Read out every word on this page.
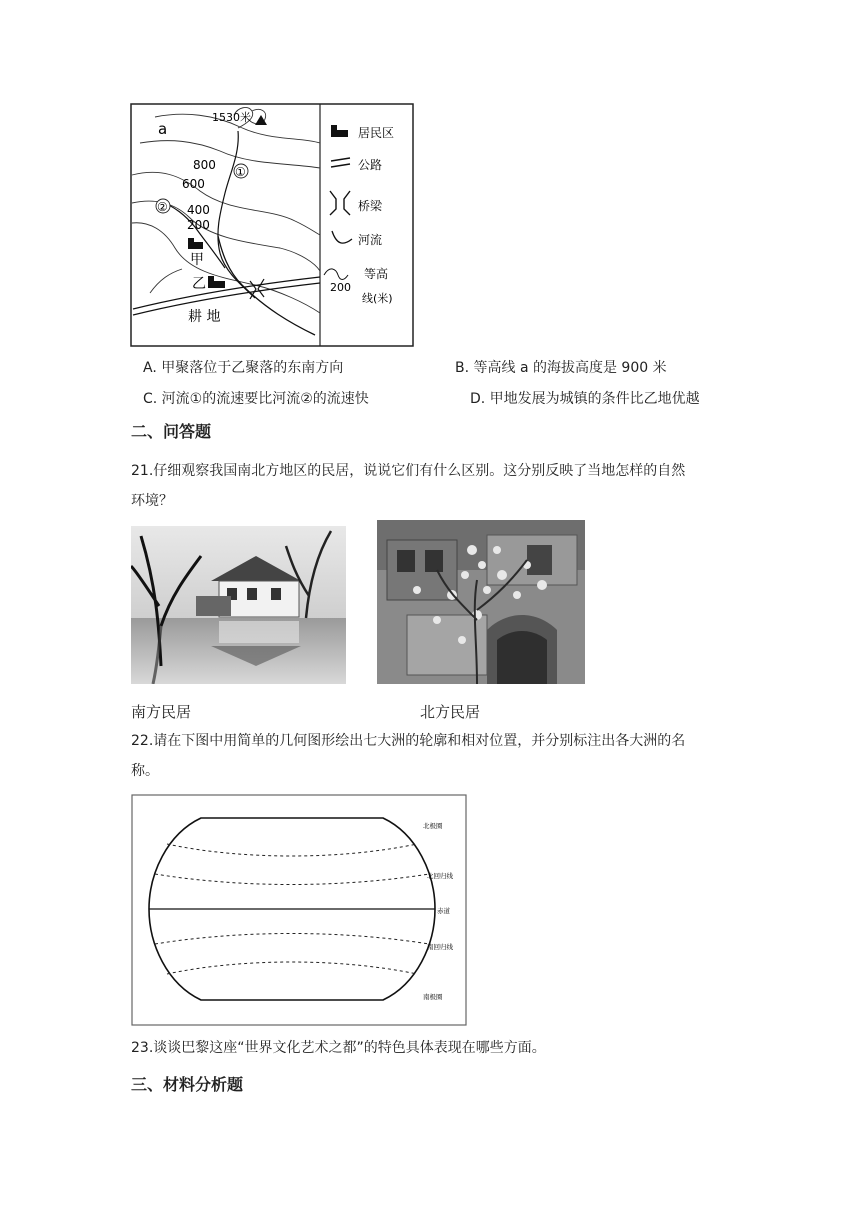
1530米
a
800
600
400
200
①
②
甲
乙
耕 地
居民区
公路
桥梁
河流
等高
200
线(米)
A. 甲聚落位于乙聚落的东南方向	B. 等高线 a 的海拔高度是 900 米
C. 河流①的流速要比河流②的流速快	D. 甲地发展为城镇的条件比乙地优越
二、问答题
21.仔细观察我国南北方地区的民居，说说它们有什么区别。这分别反映了当地怎样的自然
环境？
南方民居	北方民居
22.请在下图中用简单的几何图形绘出七大洲的轮廓和相对位置，并分别标注出各大洲的名
称。
北极圈
北回归线
赤道
南回归线
南极圈
23.谈谈巴黎这座“世界文化艺术之都”的特色具体表现在哪些方面。
三、材料分析题
